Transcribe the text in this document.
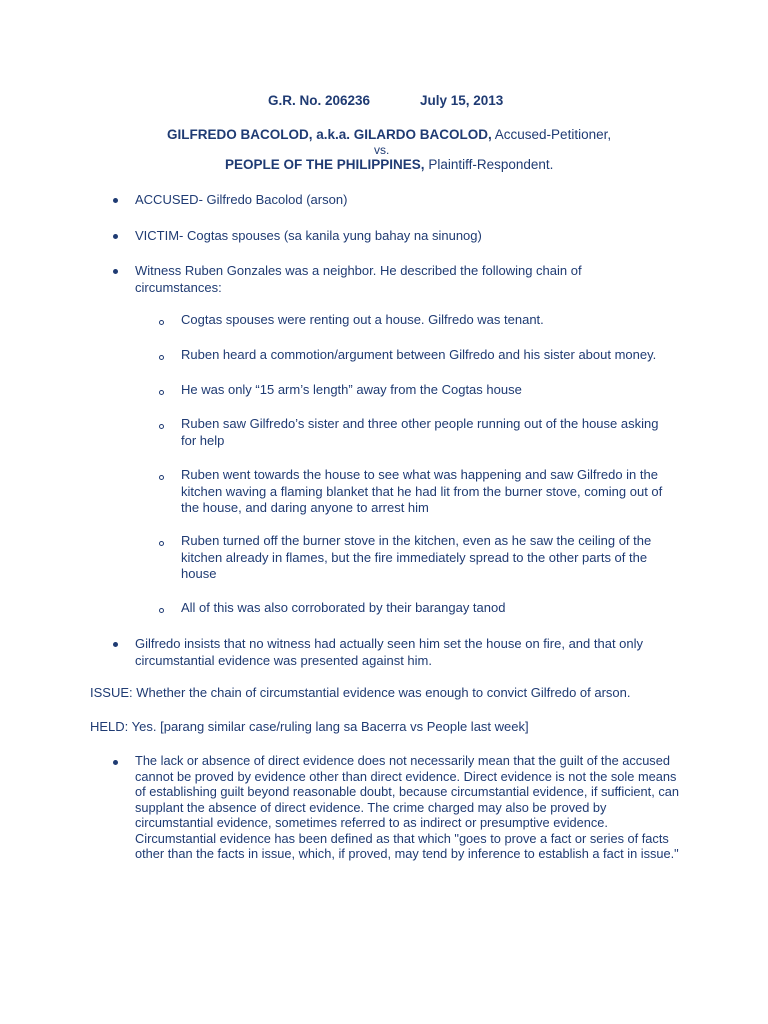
G.R. No. 206236	July 15, 2013
GILFREDO BACOLOD, a.k.a. GILARDO BACOLOD, Accused-Petitioner,
vs.
PEOPLE OF THE PHILIPPINES, Plaintiff-Respondent.
ACCUSED- Gilfredo Bacolod (arson)
VICTIM- Cogtas spouses (sa kanila yung bahay na sinunog)
Witness Ruben Gonzales was a neighbor. He described the following chain of circumstances:
Cogtas spouses were renting out a house. Gilfredo was tenant.
Ruben heard a commotion/argument between Gilfredo and his sister about money.
He was only “15 arm’s length” away from the Cogtas house
Ruben saw Gilfredo’s sister and three other people running out of the house asking for help
Ruben went towards the house to see what was happening and saw Gilfredo in the kitchen waving a flaming blanket that he had lit from the burner stove, coming out of the house, and daring anyone to arrest him
Ruben turned off the burner stove in the kitchen, even as he saw the ceiling of the kitchen already in flames, but the fire immediately spread to the other parts of the house
All of this was also corroborated by their barangay tanod
Gilfredo insists that no witness had actually seen him set the house on fire, and that only circumstantial evidence was presented against him.
ISSUE: Whether the chain of circumstantial evidence was enough to convict Gilfredo of arson.
HELD: Yes. [parang similar case/ruling lang sa Bacerra vs People last week]
The lack or absence of direct evidence does not necessarily mean that the guilt of the accused cannot be proved by evidence other than direct evidence. Direct evidence is not the sole means of establishing guilt beyond reasonable doubt, because circumstantial evidence, if sufficient, can supplant the absence of direct evidence. The crime charged may also be proved by circumstantial evidence, sometimes referred to as indirect or presumptive evidence. Circumstantial evidence has been defined as that which "goes to prove a fact or series of facts other than the facts in issue, which, if proved, may tend by inference to establish a fact in issue."
